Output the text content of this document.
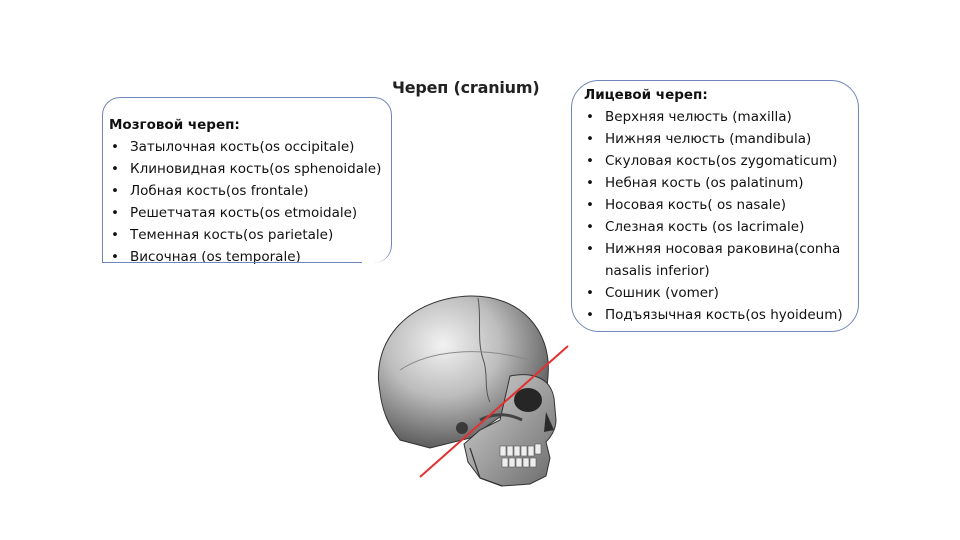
Череп (cranium)
Мозговой череп:
• Затылочная кость(os occipitale)
• Клиновидная кость(os sphenoidale)
• Лобная кость(os frontale)
• Решетчатая кость(os etmoidale)
• Теменная кость(os parietale)
• Височная (os temporale)
Лицевой череп:
• Верхняя челюсть (maxilla)
• Нижняя челюсть (mandibula)
• Скуловая кость(os zygomaticum)
• Небная кость (os palatinum)
• Носовая кость( os nasale)
• Слезная кость (os lacrimale)
• Нижняя носовая раковина(conha
nasalis inferior)
• Сошник (vomer)
• Подъязычная кость(os hyoideum)
